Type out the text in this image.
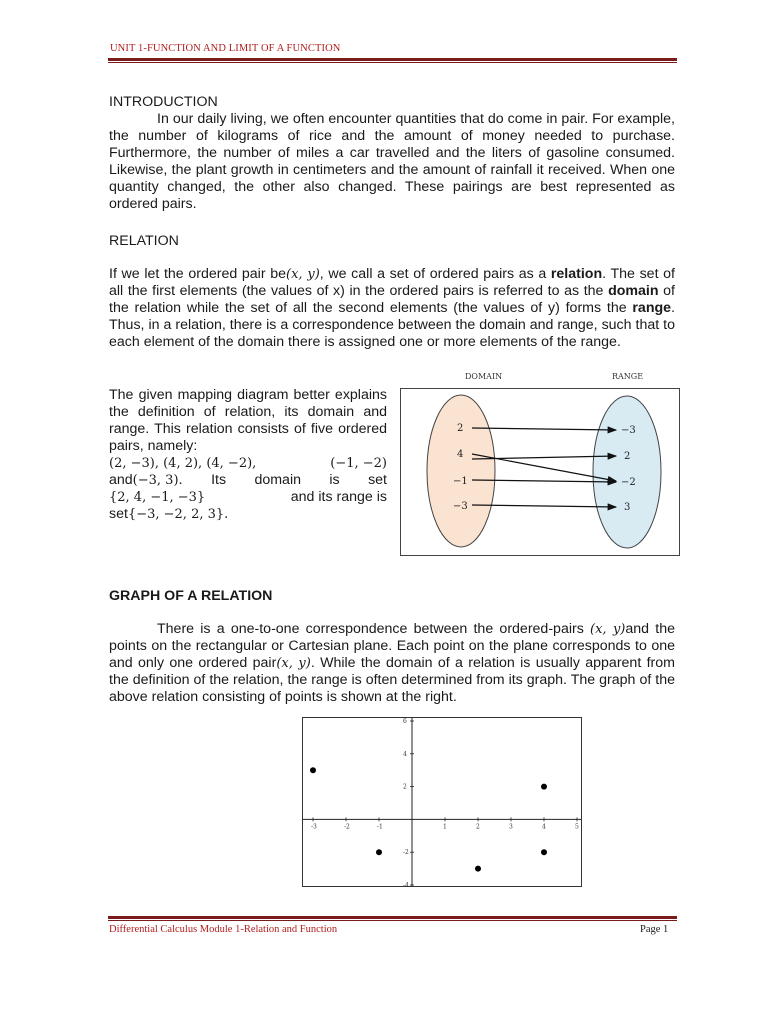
UNIT 1-FUNCTION AND LIMIT OF A FUNCTION
INTRODUCTION

In our daily living, we often encounter quantities that do come in pair. For example, the number of kilograms of rice and the amount of money needed to purchase. Furthermore, the number of miles a car travelled and the liters of gasoline consumed. Likewise, the plant growth in centimeters and the amount of rainfall it received. When one quantity changed, the other also changed. These pairings are best represented as ordered pairs.

RELATION

If we let the ordered pair be(x, y), we call a set of ordered pairs as a relation. The set of all the first elements (the values of x) in the ordered pairs is referred to as the domain of the relation while the set of all the second elements (the values of y) forms the range. Thus, in a relation, there is a correspondence between the domain and range, such that to each element of the domain there is assigned one or more elements of the range.

The given mapping diagram better explains the definition of relation, its domain and range. This relation consists of five ordered pairs, namely:
(2, −3), (4, 2), (4, −2),	(−1, −2)
and(−3, 3). Its domain is set
{2, 4, −1, −3}	and its range is
set{−3, −2, 2, 3}.
DOMAIN	RANGE
2
4
−1
−3
−3
2
−2
3
GRAPH OF A RELATION

There is a one-to-one correspondence between the ordered-pairs (x, y)and the points on the rectangular or Cartesian plane. Each point on the plane corresponds to one and only one ordered pair(x, y). While the domain of a relation is usually apparent from the definition of the relation, the range is often determined from its graph. The graph of the above relation consisting of points is shown at the right.

-3	-2	-1	1	2	3	4	5
6
4
2
-2
-4
Differential Calculus Module 1-Relation and Function	Page 1
